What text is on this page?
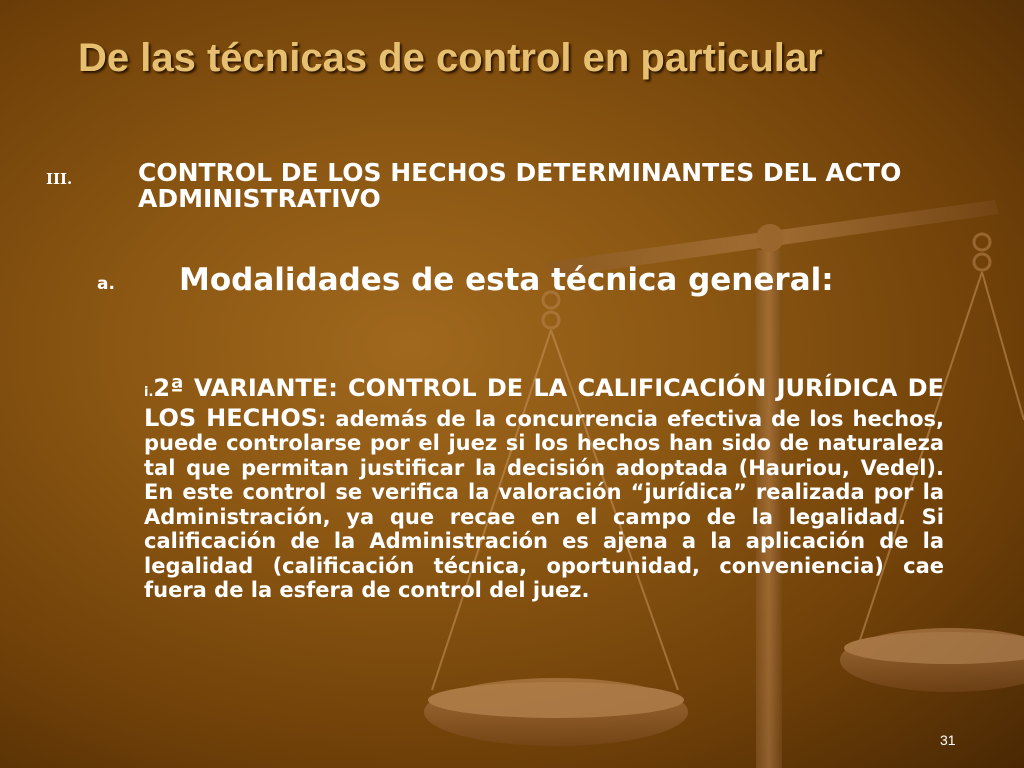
De las técnicas de control en particular
III.	CONTROL DE LOS HECHOS DETERMINANTES DEL ACTO ADMINISTRATIVO
a. Modalidades de esta técnica general:
i.2ª VARIANTE: CONTROL DE LA CALIFICACIÓN JURÍDICA DE LOS HECHOS: además de la concurrencia efectiva de los hechos, puede controlarse por el juez si los hechos han sido de naturaleza tal que permitan justificar la decisión adoptada (Hauriou, Vedel). En este control se verifica la valoración “jurídica” realizada por la Administración, ya que recae en el campo de la legalidad. Si calificación de la Administración es ajena a la aplicación de la legalidad (calificación técnica, oportunidad, conveniencia) cae fuera de la esfera de control del juez.
31
